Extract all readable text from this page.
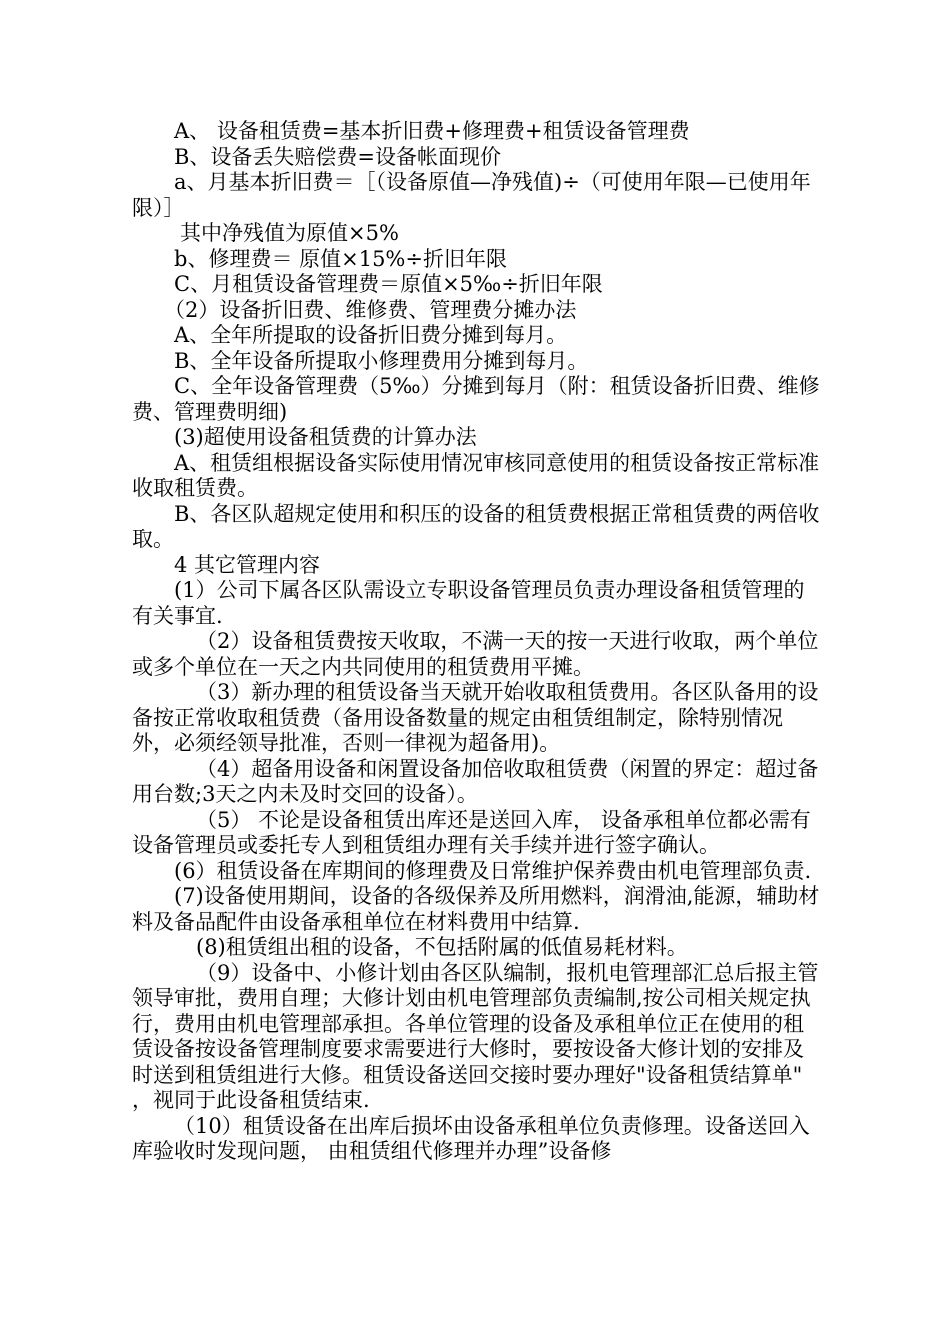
A、 设备租赁费=基本折旧费+修理费+租赁设备管理费

B、设备丢失赔偿费=设备帐面现价

a、月基本折旧费＝［（设备原值—净残值)÷（可使用年限—已使用年限）］

其中净残值为原值×5%

b、修理费＝ 原值×15%÷折旧年限

C、月租赁设备管理费＝原值×5‰÷折旧年限

（2）设备折旧费、维修费、管理费分摊办法

A、全年所提取的设备折旧费分摊到每月。

B、全年设备所提取小修理费用分摊到每月。

C、全年设备管理费（5‰）分摊到每月（附：租赁设备折旧费、维修费、管理费明细)

(3)超使用设备租赁费的计算办法

A、租赁组根据设备实际使用情况审核同意使用的租赁设备按正常标准收取租赁费。

B、各区队超规定使用和积压的设备的租赁费根据正常租赁费的两倍收取。

4 其它管理内容

(1）公司下属各区队需设立专职设备管理员负责办理设备租赁管理的有关事宜.

（2）设备租赁费按天收取，不满一天的按一天进行收取，两个单位或多个单位在一天之内共同使用的租赁费用平摊。

（3）新办理的租赁设备当天就开始收取租赁费用。各区队备用的设备按正常收取租赁费（备用设备数量的规定由租赁组制定，除特别情况外，必须经领导批准，否则一律视为超备用)。

（4）超备用设备和闲置设备加倍收取租赁费（闲置的界定：超过备用台数;3天之内未及时交回的设备）。

（5） 不论是设备租赁出库还是送回入库， 设备承租单位都必需有设备管理员或委托专人到租赁组办理有关手续并进行签字确认。

(6）租赁设备在库期间的修理费及日常维护保养费由机电管理部负责.

(7)设备使用期间，设备的各级保养及所用燃料，润滑油,能源，辅助材料及备品配件由设备承租单位在材料费用中结算.

(8)租赁组出租的设备，不包括附属的低值易耗材料。

（9）设备中、小修计划由各区队编制，报机电管理部汇总后报主管领导审批，费用自理；大修计划由机电管理部负责编制,按公司相关规定执行，费用由机电管理部承担。各单位管理的设备及承租单位正在使用的租赁设备按设备管理制度要求需要进行大修时，要按设备大修计划的安排及时送到租赁组进行大修。租赁设备送回交接时要办理好"设备租赁结算单" ，视同于此设备租赁结束.

（10）租赁设备在出库后损坏由设备承租单位负责修理。设备送回入库验收时发现问题， 由租赁组代修理并办理”设备修
